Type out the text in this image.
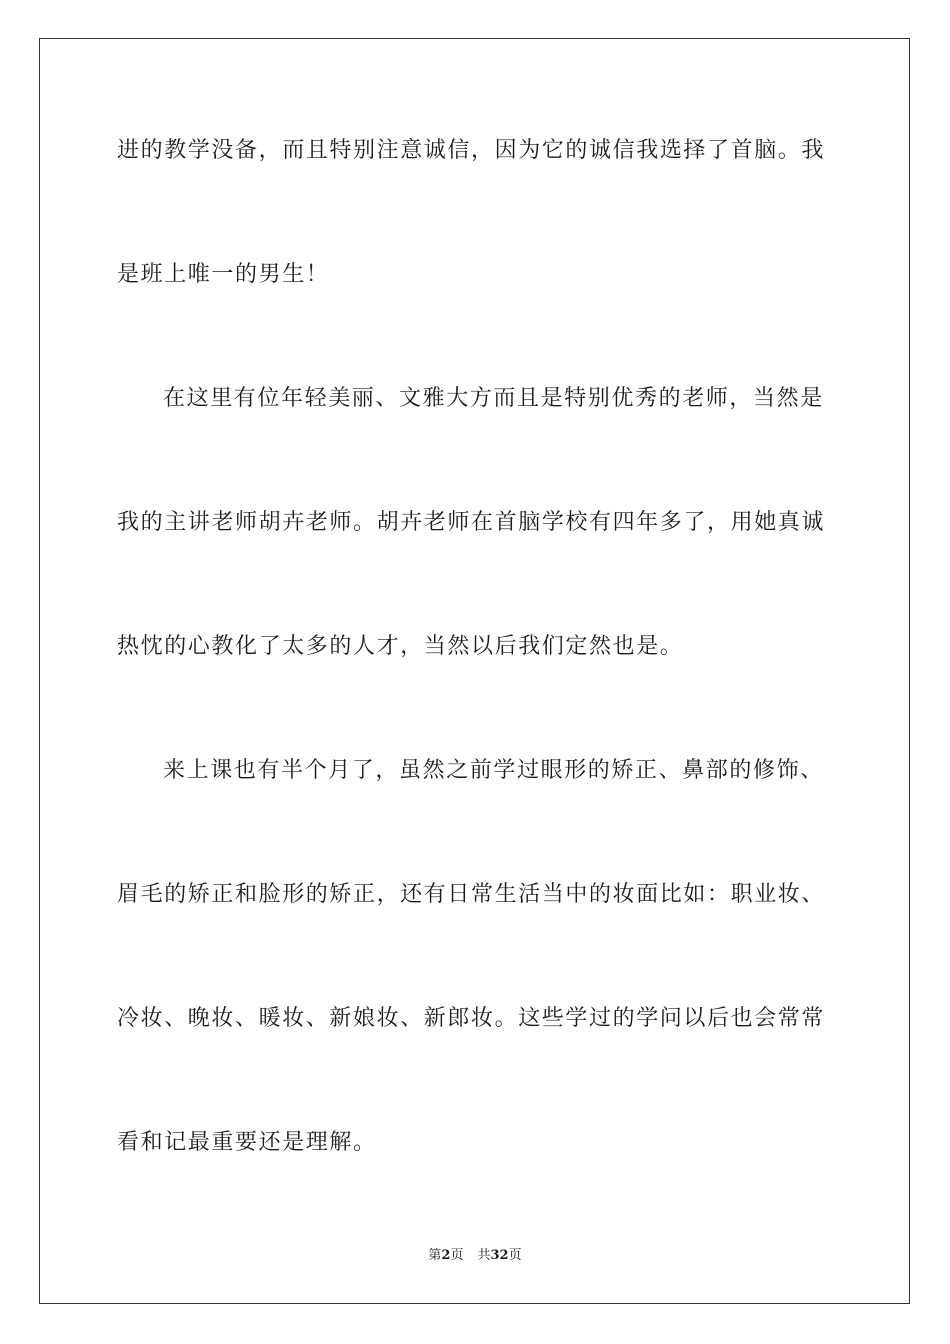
进的教学没备，而且特别注意诚信，因为它的诚信我选择了首脑。我
是班上唯一的男生！
在这里有位年轻美丽、文雅大方而且是特别优秀的老师，当然是
我的主讲老师胡卉老师。胡卉老师在首脑学校有四年多了，用她真诚
热忱的心教化了太多的人才，当然以后我们定然也是。
来上课也有半个月了，虽然之前学过眼形的矫正、鼻部的修饰、
眉毛的矫正和脸形的矫正，还有日常生活当中的妆面比如：职业妆、
冷妆、晚妆、暖妆、新娘妆、新郎妆。这些学过的学问以后也会常常
看和记最重要还是理解。
第2页 共32页
